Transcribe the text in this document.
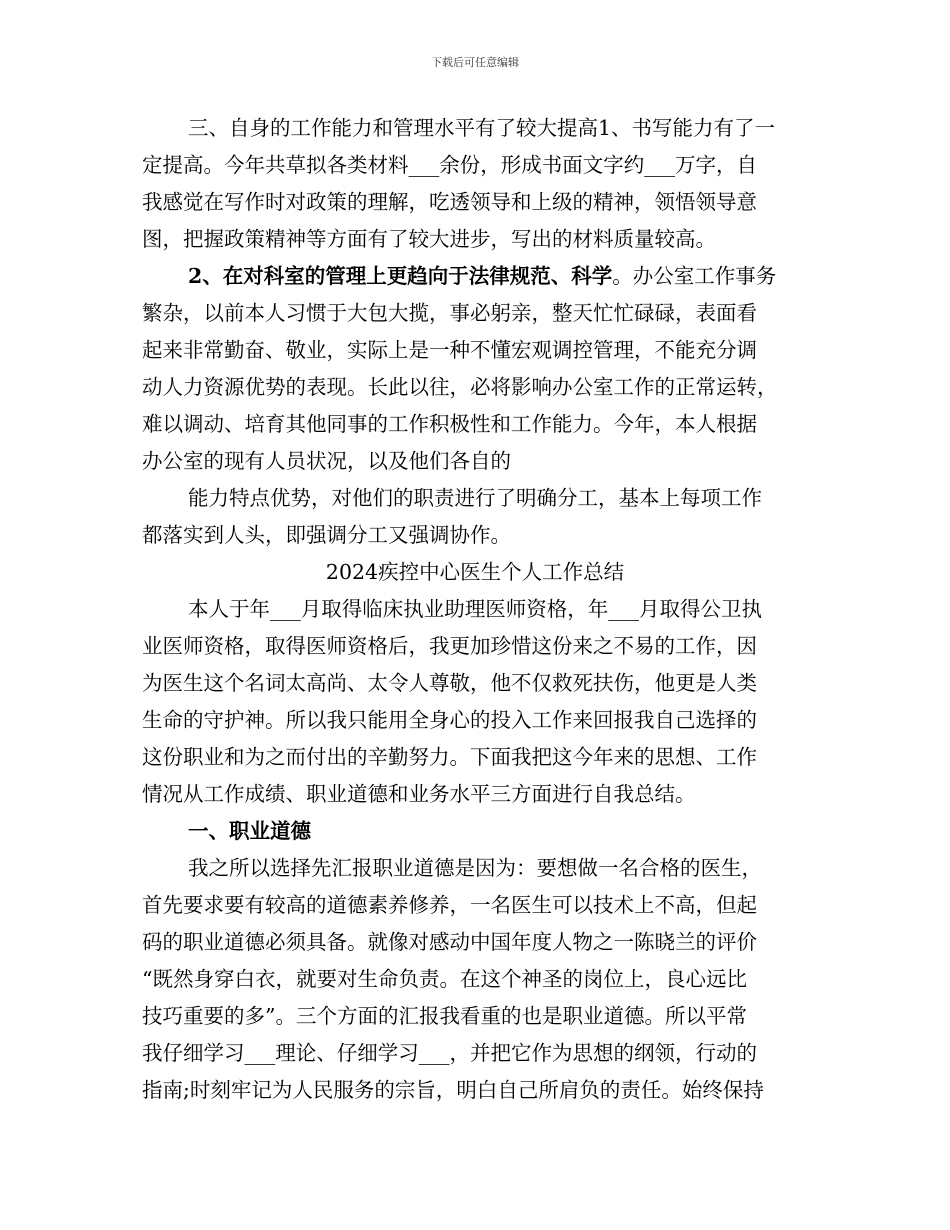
下载后可任意编辑
三、自身的工作能力和管理水平有了较大提高1、书写能力有了一
定提高。今年共草拟各类材料___余份，形成书面文字约___万字，自
我感觉在写作时对政策的理解，吃透领导和上级的精神，领悟领导意
图，把握政策精神等方面有了较大进步，写出的材料质量较高。
2、在对科室的管理上更趋向于法律规范、科学。办公室工作事务
繁杂，以前本人习惯于大包大揽，事必躬亲，整天忙忙碌碌，表面看
起来非常勤奋、敬业，实际上是一种不懂宏观调控管理，不能充分调
动人力资源优势的表现。长此以往，必将影响办公室工作的正常运转，
难以调动、培育其他同事的工作积极性和工作能力。今年，本人根据
办公室的现有人员状况，以及他们各自的
能力特点优势，对他们的职责进行了明确分工，基本上每项工作
都落实到人头，即强调分工又强调协作。
2024疾控中心医生个人工作总结
本人于年___月取得临床执业助理医师资格，年___月取得公卫执
业医师资格，取得医师资格后，我更加珍惜这份来之不易的工作，因
为医生这个名词太高尚、太令人尊敬，他不仅救死扶伤，他更是人类
生命的守护神。所以我只能用全身心的投入工作来回报我自己选择的
这份职业和为之而付出的辛勤努力。下面我把这今年来的思想、工作
情况从工作成绩、职业道德和业务水平三方面进行自我总结。
一、职业道德
我之所以选择先汇报职业道德是因为：要想做一名合格的医生，
首先要求要有较高的道德素养修养，一名医生可以技术上不高，但起
码的职业道德必须具备。就像对感动中国年度人物之一陈晓兰的评价
“既然身穿白衣，就要对生命负责。在这个神圣的岗位上，良心远比
技巧重要的多”。三个方面的汇报我看重的也是职业道德。所以平常
我仔细学习___理论、仔细学习___，并把它作为思想的纲领，行动的
指南;时刻牢记为人民服务的宗旨，明白自己所肩负的责任。始终保持
